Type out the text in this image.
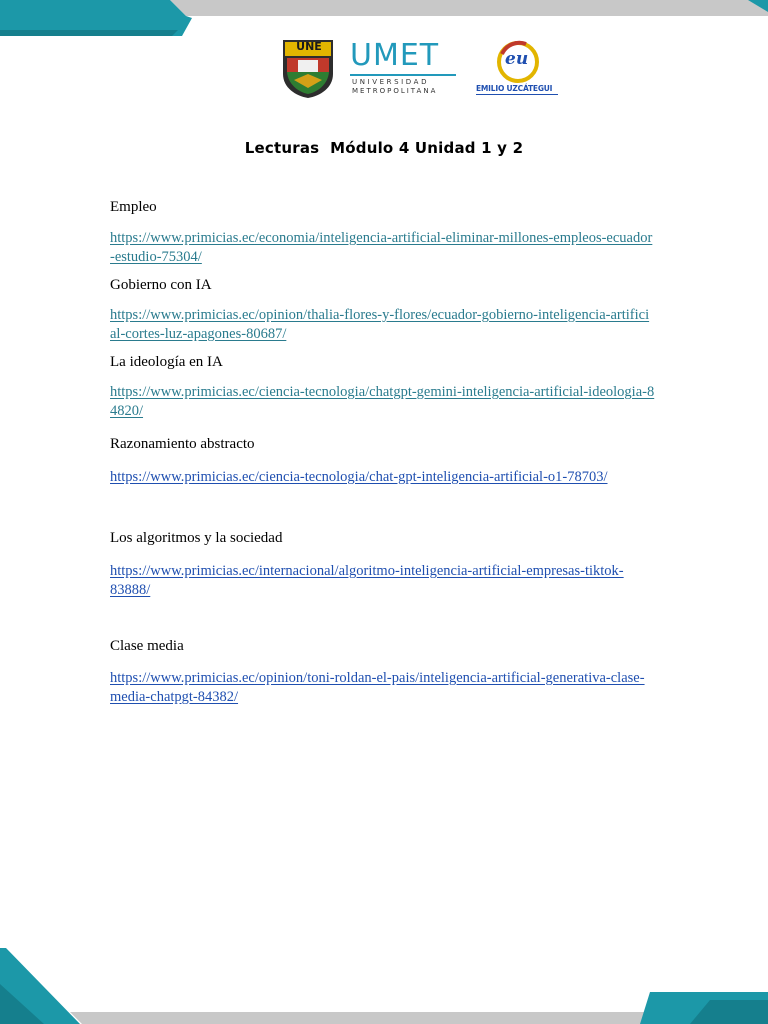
UNE UMET
UNIVERSIDAD
METROPOLITANA
eu
EMILIO UZCÁTEGUI
Lecturas  Módulo 4 Unidad 1 y 2
Empleo
https://www.primicias.ec/economia/inteligencia-artificial-eliminar-millones-empleos-ecuador-estudio-75304/
Gobierno con IA
https://www.primicias.ec/opinion/thalia-flores-y-flores/ecuador-gobierno-inteligencia-artificial-cortes-luz-apagones-80687/
La ideología en IA
https://www.primicias.ec/ciencia-tecnologia/chatgpt-gemini-inteligencia-artificial-ideologia-84820/
Razonamiento abstracto
https://www.primicias.ec/ciencia-tecnologia/chat-gpt-inteligencia-artificial-o1-78703/
Los algoritmos y la sociedad
https://www.primicias.ec/internacional/algoritmo-inteligencia-artificial-empresas-tiktok-83888/
Clase media
https://www.primicias.ec/opinion/toni-roldan-el-pais/inteligencia-artificial-generativa-clase-media-chatpgt-84382/
